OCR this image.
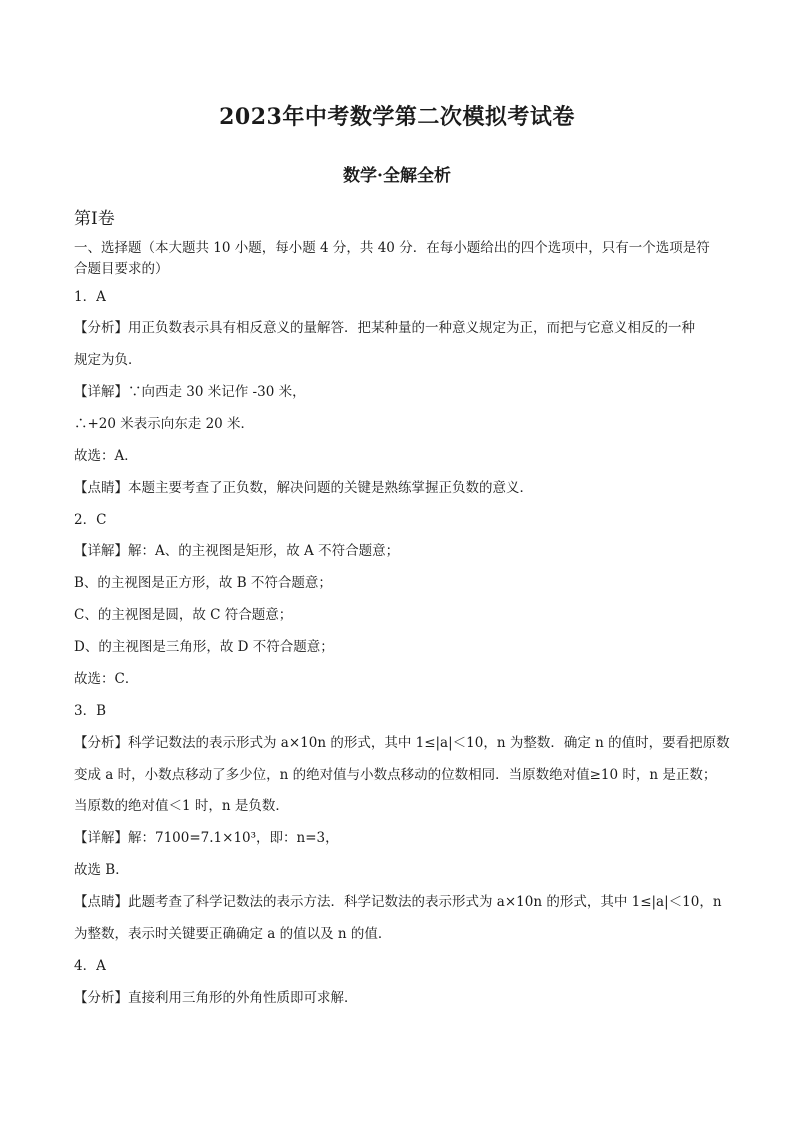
2023年中考数学第二次模拟考试卷
数学·全解全析
第Ⅰ卷
一、选择题（本大题共 10 小题，每小题 4 分，共 40 分．在每小题给出的四个选项中，只有一个选项是符
合题目要求的）
1．A
【分析】用正负数表示具有相反意义的量解答．把某种量的一种意义规定为正，而把与它意义相反的一种
规定为负．
【详解】∵向西走 30 米记作 -30 米，
∴+20 米表示向东走 20 米．
故选：A．
【点睛】本题主要考查了正负数，解决问题的关键是熟练掌握正负数的意义．
2．C
【详解】解：A、的主视图是矩形，故 A 不符合题意；
B、的主视图是正方形，故 B 不符合题意；
C、的主视图是圆，故 C 符合题意；
D、的主视图是三角形，故 D 不符合题意；
故选：C．
3．B
【分析】科学记数法的表示形式为 a×10n 的形式，其中 1≤|a|＜10，n 为整数．确定 n 的值时，要看把原数
变成 a 时，小数点移动了多少位，n 的绝对值与小数点移动的位数相同．当原数绝对值≥10 时，n 是正数；
当原数的绝对值＜1 时，n 是负数．
【详解】解：7100=7.1×10³，即：n=3，
故选 B．
【点睛】此题考查了科学记数法的表示方法．科学记数法的表示形式为 a×10n 的形式，其中 1≤|a|＜10，n
为整数，表示时关键要正确确定 a 的值以及 n 的值．
4．A
【分析】直接利用三角形的外角性质即可求解．
